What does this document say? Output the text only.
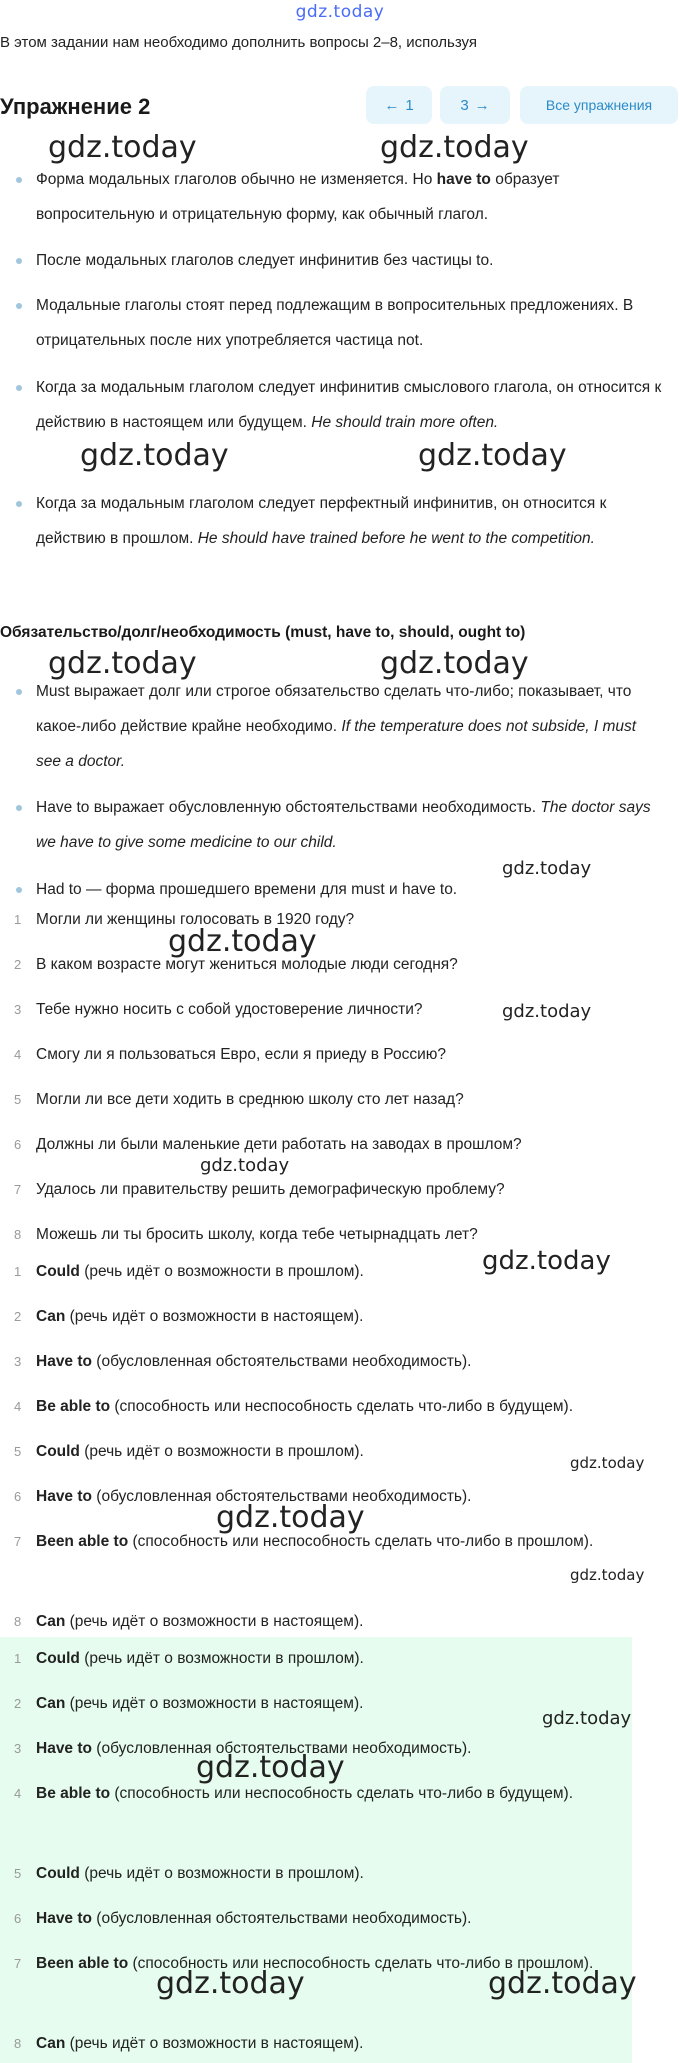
gdz.today
В этом задании нам необходимо дополнить вопросы 2–8, используя
Упражнение 2	← 1	3 →	Все упражнения
Форма модальных глаголов обычно не изменяется. Но have to образует вопросительную и отрицательную форму, как обычный глагол.
После модальных глаголов следует инфинитив без частицы to.
Модальные глаголы стоят перед подлежащим в вопросительных предложениях. В отрицательных после них употребляется частица not.
Когда за модальным глаголом следует инфинитив смыслового глагола, он относится к действию в настоящем или будущем. He should train more often.
Когда за модальным глаголом следует перфектный инфинитив, он относится к действию в прошлом. He should have trained before he went to the competition.
Обязательство/долг/необходимость (must, have to, should, ought to)
Must выражает долг или строгое обязательство сделать что-либо; показывает, что какое-либо действие крайне необходимо. If the temperature does not subside, I must see a doctor.
Have to выражает обусловленную обстоятельствами необходимость. The doctor says we have to give some medicine to our child.
Had to — форма прошедшего времени для must и have to.
1 Могли ли женщины голосовать в 1920 году?
2 В каком возрасте могут жениться молодые люди сегодня?
3 Тебе нужно носить с собой удостоверение личности?
4 Смогу ли я пользоваться Евро, если я приеду в Россию?
5 Могли ли все дети ходить в среднюю школу сто лет назад?
6 Должны ли были маленькие дети работать на заводах в прошлом?
7 Удалось ли правительству решить демографическую проблему?
8 Можешь ли ты бросить школу, когда тебе четырнадцать лет?
1 Could (речь идёт о возможности в прошлом).
2 Can (речь идёт о возможности в настоящем).
3 Have to (обусловленная обстоятельствами необходимость).
4 Be able to (способность или неспособность сделать что-либо в будущем).
5 Could (речь идёт о возможности в прошлом).
6 Have to (обусловленная обстоятельствами необходимость).
7 Been able to (способность или неспособность сделать что-либо в прошлом).
8 Can (речь идёт о возможности в настоящем).
1 Could (речь идёт о возможности в прошлом).
2 Can (речь идёт о возможности в настоящем).
3 Have to (обусловленная обстоятельствами необходимость).
4 Be able to (способность или неспособность сделать что-либо в будущем).
5 Could (речь идёт о возможности в прошлом).
6 Have to (обусловленная обстоятельствами необходимость).
7 Been able to (способность или неспособность сделать что-либо в прошлом).
8 Can (речь идёт о возможности в настоящем).
gdz.today	gdz.today
gdz.today	gdz.today
gdz.today	gdz.today
gdz.today
gdz.today
gdz.today
gdz.today
gdz.today
gdz.today
gdz.today
gdz.today
gdz.today
gdz.today
gdz.today	gdz.today
